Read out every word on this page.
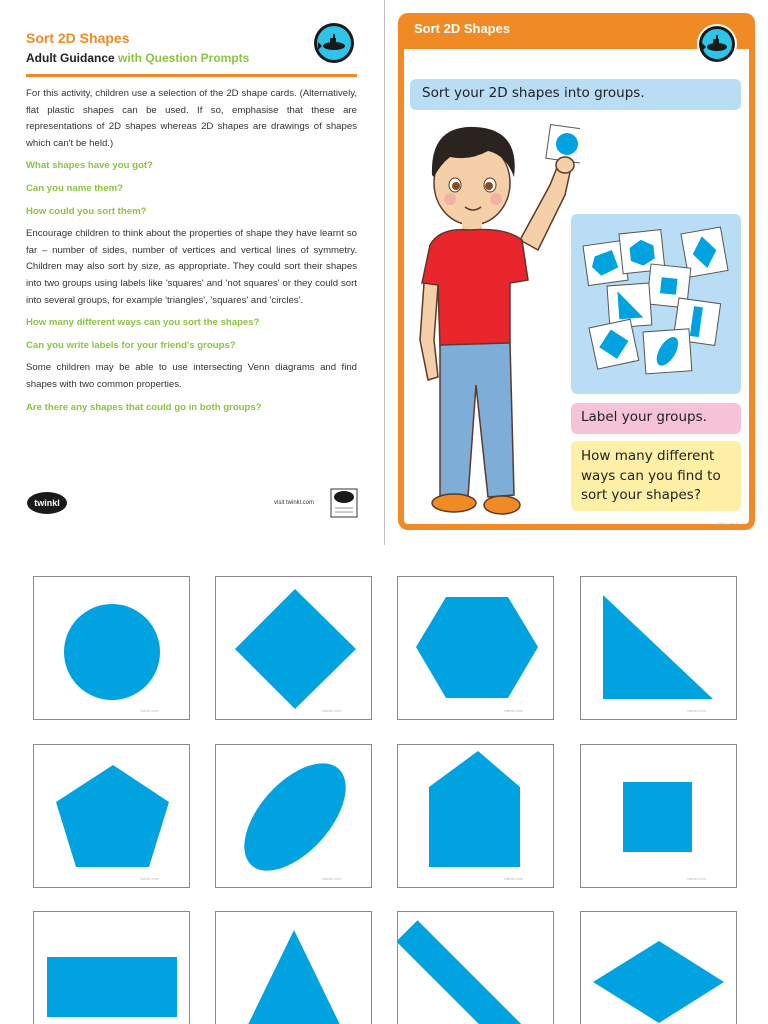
Sort 2D Shapes
Adult Guidance with Question Prompts

For this activity, children use a selection of the 2D shape cards. (Alternatively, flat plastic shapes can be used. If so, emphasise that these are representations of 2D shapes whereas 2D shapes are drawings of shapes which can't be held.)

What shapes have you got?

Can you name them?

How could you sort them?

Encourage children to think about the properties of shape they have learnt so far – number of sides, number of vertices and vertical lines of symmetry. Children may also sort by size, as appropriate. They could sort their shapes into two groups using labels like 'squares' and 'not squares' or they could sort into several groups, for example 'triangles', 'squares' and 'circles'.

How many different ways can you sort the shapes?

Can you write labels for your friend's groups?

Some children may be able to use intersecting Venn diagrams and find shapes with two common properties.

Are there any shapes that could go in both groups?

twinkl	visit twinkl.com
Sort 2D Shapes
Sort your 2D shapes into groups.
Label your groups.
How many different ways can you find to sort your shapes?
twinkl.com
twinkl.com	twinkl.com	twinkl.com	twinkl.com
twinkl.com	twinkl.com	twinkl.com	twinkl.com
